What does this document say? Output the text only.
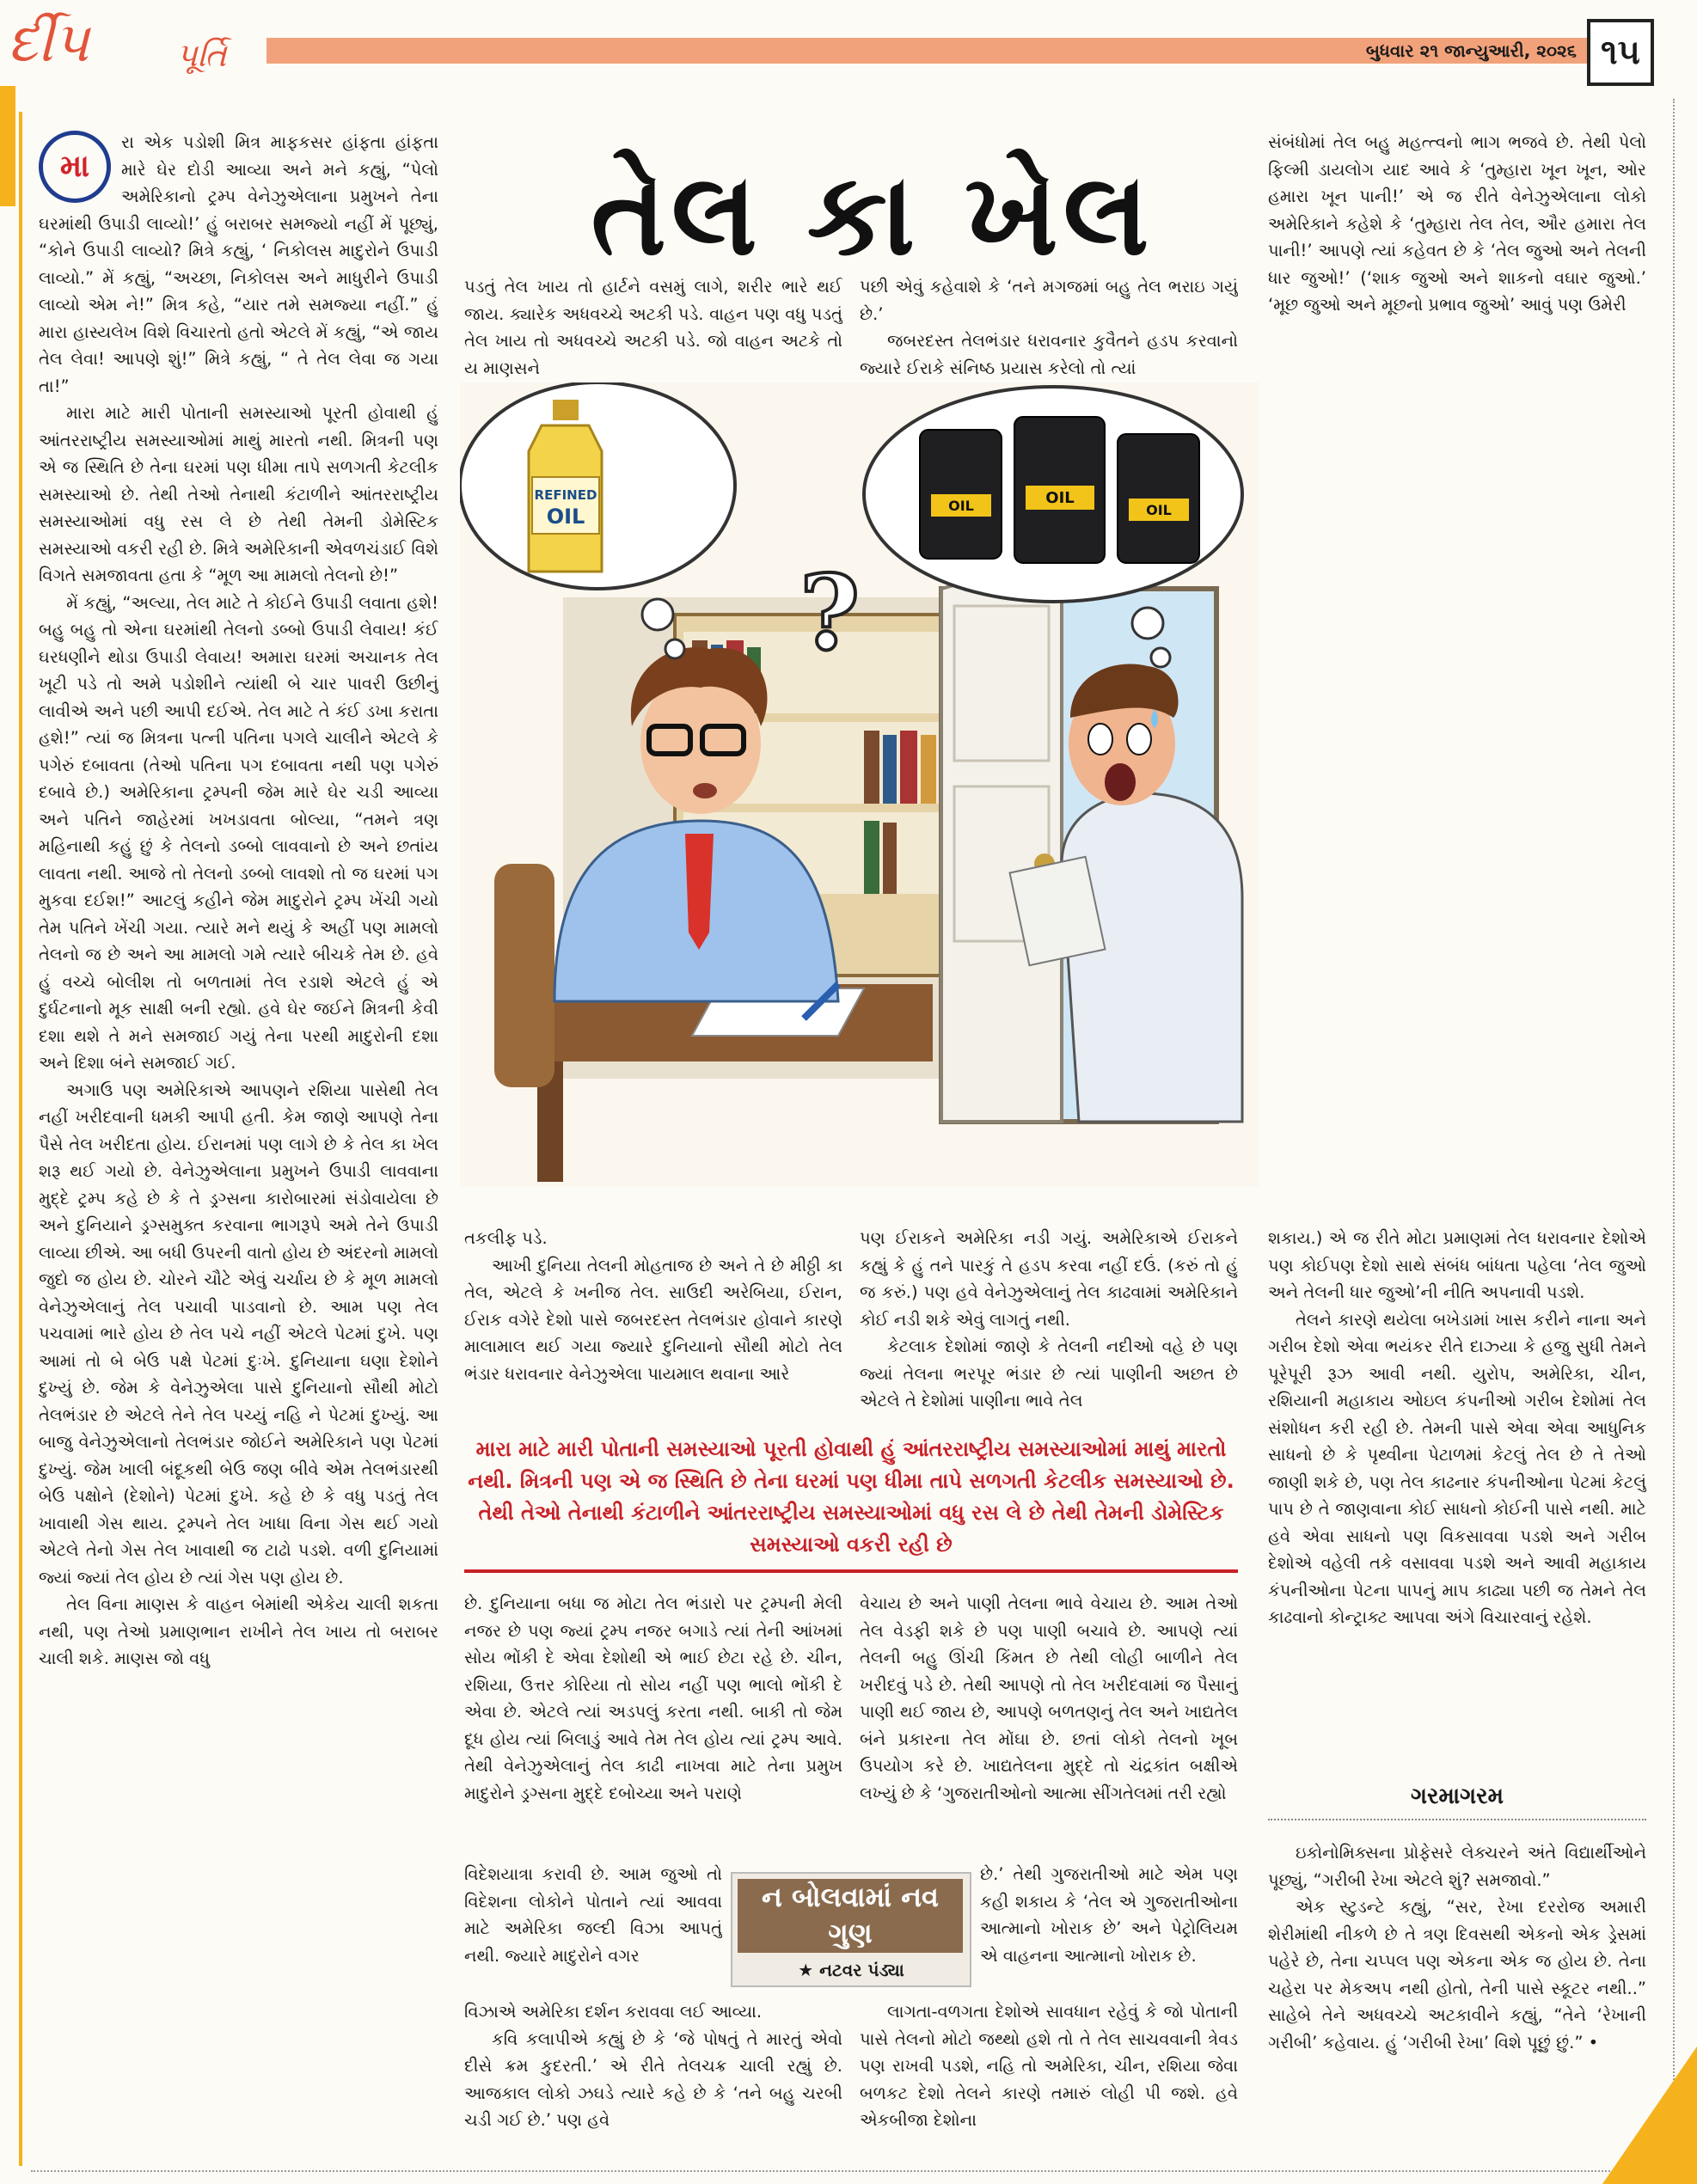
ર્દીપ	પૂર્તિ	બુધવાર ૨૧ જાન્યુઆરી, ૨૦૨૬ ૧૫
તેલ કા ખેલ
મા

રા એક પડોશી મિત્ર માફકસર હાંફતા હાંફતા મારે ઘેર દોડી આવ્યા અને મને કહ્યું, “પેલો અમેરિકાનો ટ્રમ્પ વેનેઝુએલાના પ્રમુખને તેના ઘરમાંથી ઉપાડી લાવ્યો!’ હું બરાબર સમજ્યો નહીં મેં પૂછ્યું, “કોને ઉપાડી લાવ્યો? મિત્રે કહ્યું, ‘ નિકોલસ માદુરોને ઉપાડી લાવ્યો.” મેં કહ્યું, “અચ્છા, નિકોલસ અને માધુરીને ઉપાડી લાવ્યો એમ ને!” મિત્ર કહે, “યાર તમે સમજ્યા નહીં.” હું મારા હાસ્યલેખ વિશે વિચારતો હતો એટલે મેં કહ્યું, “એ જાય તેલ લેવા! આપણે શું!” મિત્રે કહ્યું, “ તે તેલ લેવા જ ગયા તા!”

મારા માટે મારી પોતાની સમસ્યાઓ પૂરતી હોવાથી હું આંતરરાષ્ટ્રીય સમસ્યાઓમાં માથું મારતો નથી. મિત્રની પણ એ જ સ્થિતિ છે તેના ઘરમાં પણ ધીમા તાપે સળગતી કેટલીક સમસ્યાઓ છે. તેથી તેઓ તેનાથી કંટાળીને આંતરરાષ્ટ્રીય સમસ્યાઓમાં વધુ રસ લે છે તેથી તેમની ડોમેસ્ટિક સમસ્યાઓ વકરી રહી છે. મિત્રે અમેરિકાની એવળચંડાઈ વિશે વિગતે સમજાવતા હતા કે “મૂળ આ મામલો તેલનો છે!”

મેં કહ્યું, “અલ્યા, તેલ માટે તે કોઈને ઉપાડી લવાતા હશે! બહુ બહુ તો એના ઘરમાંથી તેલનો ડબ્બો ઉપાડી લેવાય! કંઈ ઘરધણીને થોડા ઉપાડી લેવાય! અમારા ઘરમાં અચાનક તેલ ખૂટી પડે તો અમે પડોશીને ત્યાંથી બે ચાર પાવરી ઉછીનું લાવીએ અને પછી આપી દઈએ. તેલ માટે તે કંઈ ડખા કરાતા હશે!” ત્યાં જ મિત્રના પત્ની પતિના પગલે ચાલીને એટલે કે પગેરું દબાવતા (તેઓ પતિના પગ દબાવતા નથી પણ પગેરું દબાવે છે.) અમેરિકાના ટ્રમ્પની જેમ મારે ઘેર ચડી આવ્યા અને પતિને જાહેરમાં ખખડાવતા બોલ્યા, “તમને ત્રણ મહિનાથી કહું છું કે તેલનો ડબ્બો લાવવાનો છે અને છતાંય લાવતા નથી. આજે તો તેલનો ડબ્બો લાવશો તો જ ઘરમાં પગ મુકવા દઈશ!” આટલું કહીને જેમ માદુરોને ટ્રમ્પ ખેંચી ગયો તેમ પતિને ખેંચી ગયા. ત્યારે મને થયું કે અહીં પણ મામલો તેલનો જ છે અને આ મામલો ગમે ત્યારે બીચકે તેમ છે. હવે હું વચ્ચે બોલીશ તો બળતામાં તેલ રડાશે એટલે હું એ દુર્ઘટનાનો મૂક સાક્ષી બની રહ્યો. હવે ઘેર જઈને મિત્રની કેવી દશા થશે તે મને સમજાઈ ગયું તેના પરથી માદુરોની દશા અને દિશા બંને સમજાઈ ગઈ.

અગાઉ પણ અમેરિકાએ આપણને રશિયા પાસેથી તેલ નહીં ખરીદવાની ધમકી આપી હતી. કેમ જાણે આપણે તેના પૈસે તેલ ખરીદતા હોય. ઈરાનમાં પણ લાગે છે કે તેલ કા ખેલ શરૂ થઈ ગયો છે. વેનેઝુએલાના પ્રમુખને ઉપાડી લાવવાના મુદ્દે ટ્રમ્પ કહે છે કે તે ડ્રગ્સના કારોબારમાં સંડોવાયેલા છે અને દુનિયાને ડ્રગ્સમુક્ત કરવાના ભાગરૂપે અમે તેને ઉપાડી લાવ્યા છીએ. આ બધી ઉપરની વાતો હોય છે અંદરનો મામલો જુદો જ હોય છે. ચોરને ચૌટે એવું ચર્ચાય છે કે મૂળ મામલો વેનેઝુએલાનું તેલ પચાવી પાડવાનો છે. આમ પણ તેલ પચવામાં ભારે હોય છે તેલ પચે નહીં એટલે પેટમાં દુખે. પણ આમાં તો બે બેઉ પક્ષે પેટમાં દુઃખે. દુનિયાના ઘણા દેશોને દુખ્યું છે. જેમ કે વેનેઝુએલા પાસે દુનિયાનો સૌથી મોટો તેલભંડાર છે એટલે તેને તેલ પચ્યું નહિ ને પેટમાં દુખ્યું. આ બાજુ વેનેઝુએલાનો તેલભંડાર જોઈને અમેરિકાને પણ પેટમાં દુખ્યું. જેમ ખાલી બંદૂકથી બેઉ જણ બીવે એમ તેલભંડારથી બેઉ પક્ષોને (દેશોને) પેટમાં દુખે. કહે છે કે વધુ પડતું તેલ ખાવાથી ગેસ થાય. ટ્રમ્પને તેલ ખાધા વિના ગેસ થઈ ગયો એટલે તેનો ગેસ તેલ ખાવાથી જ ટાઢો પડશે. વળી દુનિયામાં જ્યાં જ્યાં તેલ હોય છે ત્યાં ગેસ પણ હોય છે.

તેલ વિના માણસ કે વાહન બેમાંથી એકેય ચાલી શકતા નથી, પણ તેઓ પ્રમાણભાન રાખીને તેલ ખાય તો બરાબર ચાલી શકે. માણસ જો વધુ

પડતું તેલ ખાય તો હાર્ટને વસમું લાગે, શરીર ભારે થઈ જાય. ક્યારેક અધવચ્ચે અટકી પડે. વાહન પણ વધુ પડતું તેલ ખાય તો અધવચ્ચે અટકી પડે. જો વાહન અટકે તો ય માણસને

પછી એવું કહેવાશે કે ‘તને મગજમાં બહુ તેલ ભરાઇ ગયું છે.’

જબરદસ્ત તેલભંડાર ધરાવનાર કુવૈતને હડપ કરવાનો જ્યારે ઈરાકે સંનિષ્ઠ પ્રયાસ કરેલો તો ત્યાં

સંબંધોમાં તેલ બહુ મહત્ત્વનો ભાગ ભજવે છે. તેથી પેલો ફિલ્મી ડાયલોગ યાદ આવે કે ‘તુમ્હારા ખૂન ખૂન, ઓર હમારા ખૂન પાની!’ એ જ રીતે વેનેઝુએલાના લોકો અમેરિકાને કહેશે કે ‘તુમ્હારા તેલ તેલ, ઔર હમારા તેલ પાની!’ આપણે ત્યાં કહેવત છે કે ‘તેલ જુઓ અને તેલની ધાર જુઓ!’ (‘શાક જુઓ અને શાકનો વઘાર જુઓ.’ ‘મૂછ જુઓ અને મૂછનો પ્રભાવ જુઓ’ આવું પણ ઉમેરી

REFINED
OIL
?
OIL	OIL
OIL

તકલીફ પડે.

આખી દુનિયા તેલની મોહતાજ છે અને તે છે મીઠ્ઠી કા તેલ, એટલે કે ખનીજ તેલ. સાઉદી અરેબિયા, ઈરાન, ઈરાક વગેરે દેશો પાસે જબરદસ્ત તેલભંડાર હોવાને કારણે માલામાલ થઈ ગયા જ્યારે દુનિયાનો સૌથી મોટો તેલ ભંડાર ધરાવનાર વેનેઝુએલા પાયમાલ થવાના આરે

પણ ઈરાકને અમેરિકા નડી ગયું. અમેરિકાએ ઈરાકને કહ્યું કે હું તને પારકું તે હડપ કરવા નહીં દઉં. (કરું તો હું જ કરું.) પણ હવે વેનેઝુએલાનું તેલ કાઢવામાં અમેરિકાને કોઈ નડી શકે એવું લાગતું નથી.

કેટલાક દેશોમાં જાણે કે તેલની નદીઓ વહે છે પણ જ્યાં તેલના ભરપૂર ભંડાર છે ત્યાં પાણીની અછત છે એટલે તે દેશોમાં પાણીના ભાવે તેલ

શકાય.) એ જ રીતે મોટા પ્રમાણમાં તેલ ધરાવનાર દેશોએ પણ કોઈપણ દેશો સાથે સંબંધ બાંધતા પહેલા ‘તેલ જુઓ અને તેલની ધાર જુઓ’ની નીતિ અપનાવી પડશે.

તેલને કારણે થયેલા બખેડામાં ખાસ કરીને નાના અને ગરીબ દેશો એવા ભયંકર રીતે દાઝ્યા કે હજુ સુધી તેમને પૂરેપૂરી રૂઝ આવી નથી. યુરોપ, અમેરિકા, ચીન, રશિયાની મહાકાય ઓઇલ કંપનીઓ ગરીબ દેશોમાં તેલ સંશોધન કરી રહી છે. તેમની પાસે એવા એવા આધુનિક સાધનો છે કે પૃથ્વીના પેટાળમાં કેટલું તેલ છે તે તેઓ જાણી શકે છે, પણ તેલ કાઢનાર કંપનીઓના પેટમાં કેટલું પાપ છે તે જાણવાના કોઈ સાધનો કોઈની પાસે નથી. માટે હવે એવા સાધનો પણ વિકસાવવા પડશે અને ગરીબ દેશોએ વહેલી તકે વસાવવા પડશે અને આવી મહાકાય કંપનીઓના પેટના પાપનું માપ કાઢ્યા પછી જ તેમને તેલ કાઢવાનો કોન્ટ્રાક્ટ આપવા અંગે વિચારવાનું રહેશે.

મારા માટે મારી પોતાની સમસ્યાઓ પૂરતી હોવાથી હું આંતરરાષ્ટ્રીય સમસ્યાઓમાં માથું મારતો નથી. મિત્રની પણ એ જ સ્થિતિ છે તેના ઘરમાં પણ ધીમા તાપે સળગતી કેટલીક સમસ્યાઓ છે. તેથી તેઓ તેનાથી કંટાળીને આંતરરાષ્ટ્રીય સમસ્યાઓમાં વધુ રસ લે છે તેથી તેમની ડોમેસ્ટિક સમસ્યાઓ વકરી રહી છે

છે. દુનિયાના બધા જ મોટા તેલ ભંડારો પર ટ્રમ્પની મેલી નજર છે પણ જ્યાં ટ્રમ્પ નજર બગાડે ત્યાં તેની આંખમાં સોય ભોંકી દે એવા દેશોથી એ ભાઈ છેટા રહે છે. ચીન, રશિયા, ઉત્તર કોરિયા તો સોય નહીં પણ ભાલો ભોંકી દે એવા છે. એટલે ત્યાં અડપલું કરતા નથી. બાકી તો જેમ દૂધ હોય ત્યાં બિલાડું આવે તેમ તેલ હોય ત્યાં ટ્રમ્પ આવે. તેથી વેનેઝુએલાનું તેલ કાઢી નાખવા માટે તેના પ્રમુખ માદુરોને ડ્રગ્સના મુદ્દે દબોચ્યા અને પરાણે

વિદેશયાત્રા કરાવી છે. આમ જુઓ તો વિદેશના લોકોને પોતાને ત્યાં આવવા માટે અમેરિકા જલ્દી વિઝા આપતું નથી. જ્યારે માદુરોને વગર

વિઝાએ અમેરિકા દર્શન કરાવવા લઈ આવ્યા.

કવિ કલાપીએ કહ્યું છે કે ‘જે પોષતું તે મારતું એવો દીસે ક્રમ કુદરતી.’ એ રીતે તેલચક્ર ચાલી રહ્યું છે. આજકાલ લોકો ઝઘડે ત્યારે કહે છે કે ‘તને બહુ ચરબી ચડી ગઈ છે.’ પણ હવે

વેચાય છે અને પાણી તેલના ભાવે વેચાય છે. આમ તેઓ તેલ વેડફી શકે છે પણ પાણી બચાવે છે. આપણે ત્યાં તેલની બહુ ઊંચી કિંમત છે તેથી લોહી બાળીને તેલ ખરીદવું પડે છે. તેથી આપણે તો તેલ ખરીદવામાં જ પૈસાનું પાણી થઈ જાય છે, આપણે બળતણનું તેલ અને ખાદ્યતેલ બંને પ્રકારના તેલ મોંઘા છે. છતાં લોકો તેલનો ખૂબ ઉપયોગ કરે છે. ખાદ્યતેલના મુદ્દે તો ચંદ્રકાંત બક્ષીએ લખ્યું છે કે ‘ગુજરાતીઓનો આત્મા સીંગતેલમાં તરી રહ્યો

છે.’ તેથી ગુજરાતીઓ માટે એમ પણ કહી શકાય કે ‘તેલ એ ગુજરાતીઓના આત્માનો ખોરાક છે’ અને પેટ્રોલિયમ એ વાહનના આત્માનો ખોરાક છે.

લાગતા-વળગતા દેશોએ સાવધાન રહેવું કે જો પોતાની પાસે તેલનો મોટો જથ્થો હશે તો તે તેલ સાચવવાની ત્રેવડ પણ રાખવી પડશે, નહિ તો અમેરિકા, ચીન, રશિયા જેવા બળકટ દેશો તેલને કારણે તમારું લોહી પી જશે. હવે એકબીજા દેશોના

ન બોલવામાં નવ ગુણ
★ નટવર પંડ્યા
ગરમાગરમ

ઇકોનોમિક્સના પ્રોફેસરે લેક્ચરને અંતે વિદ્યાર્થીઓને પૂછ્યું, “ગરીબી રેખા એટલે શું? સમજાવો.”

એક સ્ટુડન્ટે કહ્યું, “સર, રેખા દરરોજ અમારી શેરીમાંથી નીકળે છે તે ત્રણ દિવસથી એકનો એક ડ્રેસમાં પહેરે છે, તેના ચપ્પલ પણ એકના એક જ હોય છે. તેના ચહેરા પર મેકઅપ નથી હોતો, તેની પાસે સ્કૂટર નથી..” સાહેબે તેને અધવચ્ચે અટકાવીને કહ્યું, “તેને ‘રેખાની ગરીબી’ કહેવાય. હું ‘ગરીબી રેખા’ વિશે પૂછું છું.” •
